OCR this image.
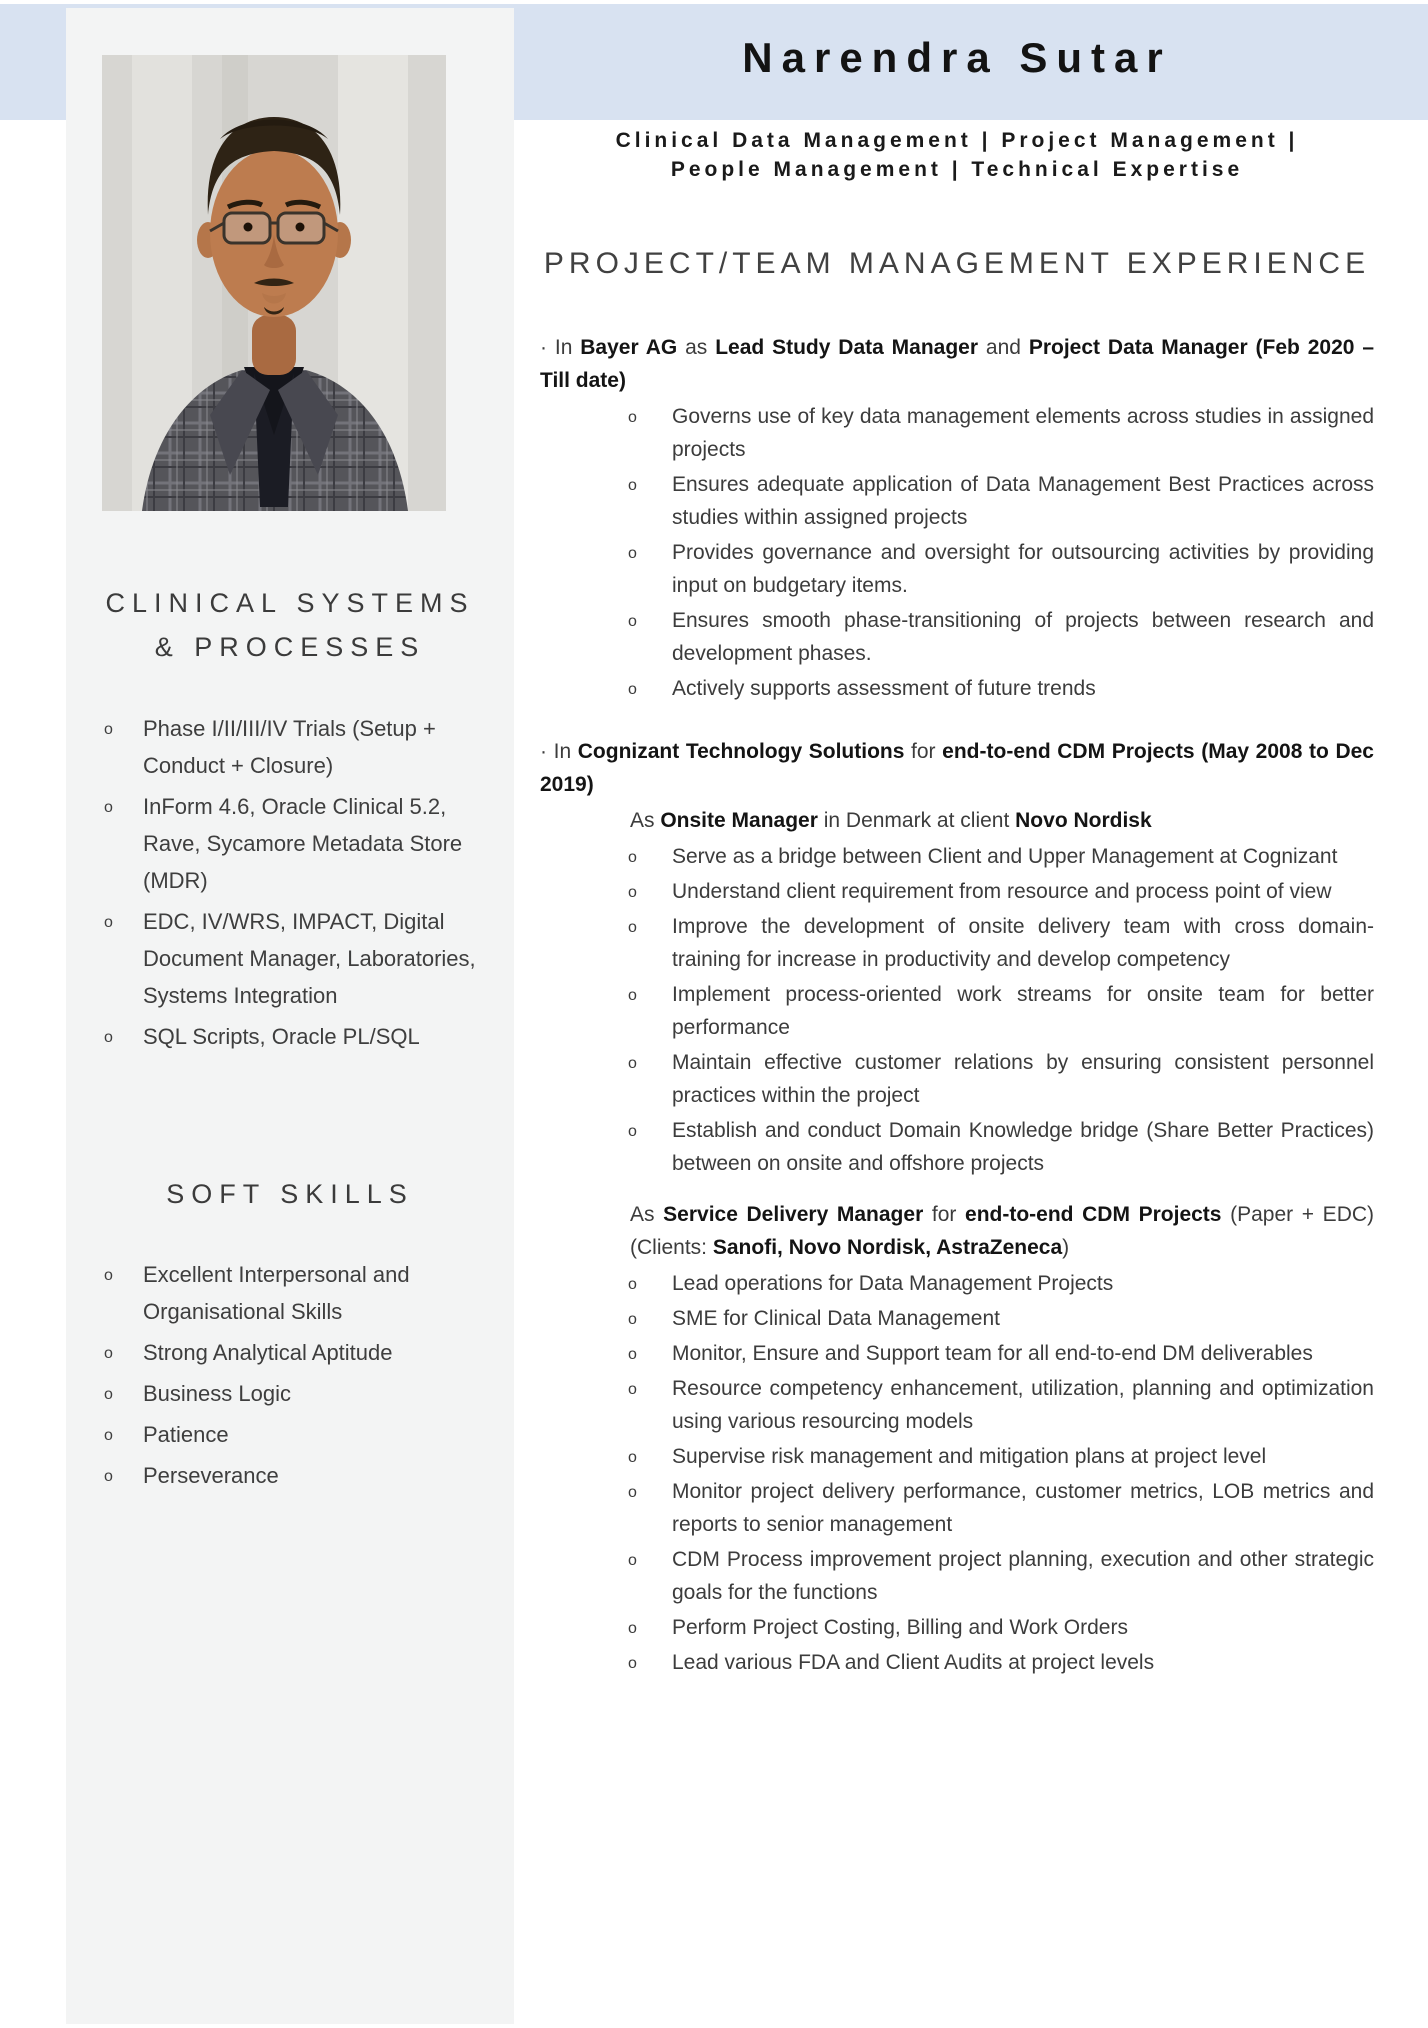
CLINICAL SYSTEMS
& PROCESSES
o Phase I/II/III/IV Trials (Setup + Conduct + Closure)
o InForm 4.6, Oracle Clinical 5.2, Rave, Sycamore Metadata Store (MDR)
o EDC, IV/WRS, IMPACT, Digital Document Manager, Laboratories, Systems Integration
o SQL Scripts, Oracle PL/SQL
SOFT SKILLS
o Excellent Interpersonal and Organisational Skills
o Strong Analytical Aptitude
o Business Logic
o Patience
o Perseverance
Narendra Sutar
Clinical Data Management | Project Management |
People Management | Technical Expertise
PROJECT/TEAM MANAGEMENT EXPERIENCE

· In Bayer AG as Lead Study Data Manager and Project Data Manager (Feb 2020 – Till date)

o Governs use of key data management elements across studies in assigned projects
o Ensures adequate application of Data Management Best Practices across studies within assigned projects
o Provides governance and oversight for outsourcing activities by providing input on budgetary items.
o Ensures smooth phase-transitioning of projects between research and development phases.
o Actively supports assessment of future trends

· In Cognizant Technology Solutions for end-to-end CDM Projects (May 2008 to Dec 2019)

As Onsite Manager in Denmark at client Novo Nordisk

o Serve as a bridge between Client and Upper Management at Cognizant
o Understand client requirement from resource and process point of view
o Improve the development of onsite delivery team with cross domain-training for increase in productivity and develop competency
o Implement process-oriented work streams for onsite team for better performance
o Maintain effective customer relations by ensuring consistent personnel practices within the project
o Establish and conduct Domain Knowledge bridge (Share Better Practices) between on onsite and offshore projects

As Service Delivery Manager for end-to-end CDM Projects (Paper + EDC) (Clients: Sanofi, Novo Nordisk, AstraZeneca)

o Lead operations for Data Management Projects
o SME for Clinical Data Management
o Monitor, Ensure and Support team for all end-to-end DM deliverables
o Resource competency enhancement, utilization, planning and optimization using various resourcing models
o Supervise risk management and mitigation plans at project level
o Monitor project delivery performance, customer metrics, LOB metrics and reports to senior management
o CDM Process improvement project planning, execution and other strategic goals for the functions
o Perform Project Costing, Billing and Work Orders
o Lead various FDA and Client Audits at project levels
